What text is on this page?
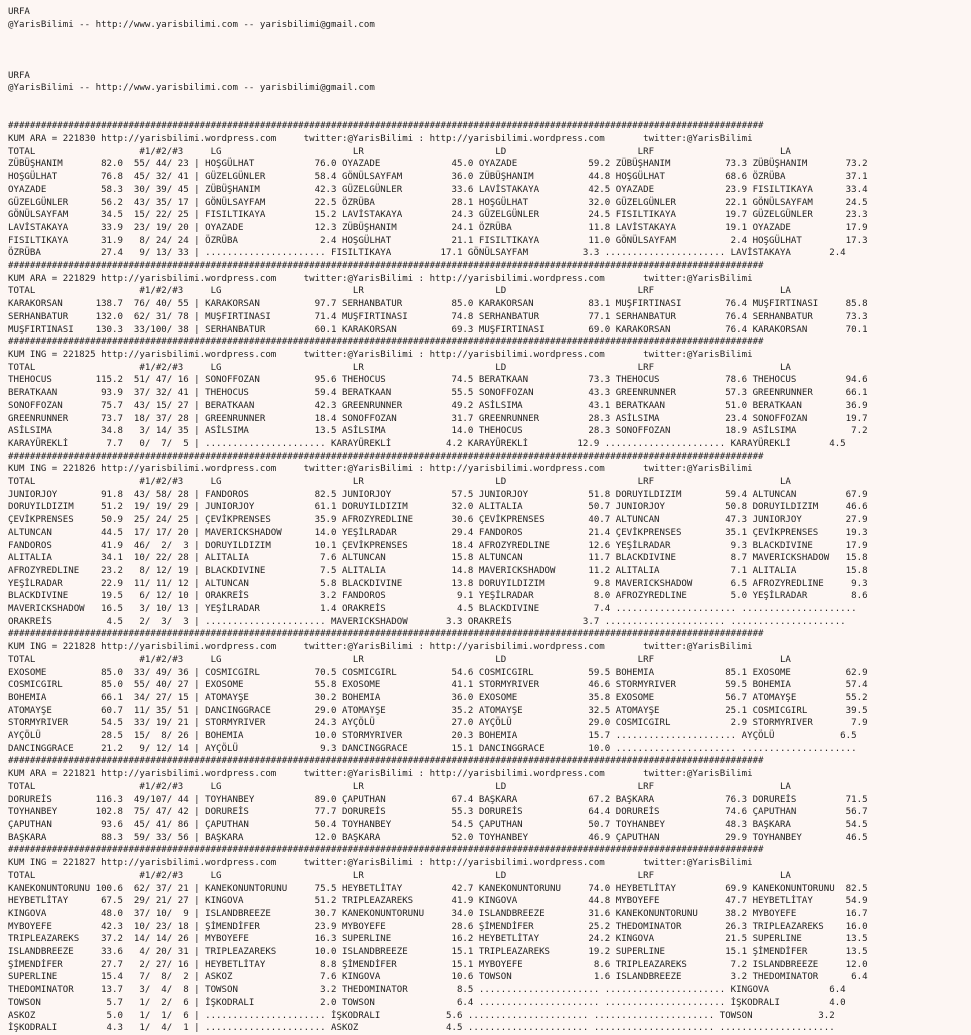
URFA
@YarisBilimi -- http://www.yarisbilimi.com -- yarisbilimi@gmail.com

URFA
@YarisBilimi -- http://www.yarisbilimi.com -- yarisbilimi@gmail.com

##########################################################################################################################################
KUM ARA = 221830 http://yarisbilimi.wordpress.com     twitter:@YarisBilimi : http://yarisbilimi.wordpress.com       twitter:@YarisBilimi
TOTAL                   #1/#2/#3     LG                        LR                        LD                        LRF                       LA
ZÜBÜŞHANIM       82.0  55/ 44/ 23 | HOŞGÜLHAT           76.0 OYAZADE             45.0 OYAZADE             59.2 ZÜBÜŞHANIM          73.3 ZÜBÜŞHANIM       73.2
HOŞGÜLHAT        76.8  45/ 32/ 41 | GÜZELGÜNLER         58.4 GÖNÜLSAYFAM         36.0 ZÜBÜŞHANIM          44.8 HOŞGÜLHAT           68.6 ÖZRÜBA           37.1
OYAZADE          58.3  30/ 39/ 45 | ZÜBÜŞHANIM          42.3 GÜZELGÜNLER         33.6 LAVİSTAKAYA         42.5 OYAZADE             23.9 FISILTIKAYA      33.4
GÜZELGÜNLER      56.2  43/ 35/ 17 | GÖNÜLSAYFAM         22.5 ÖZRÜBA              28.1 HOŞGÜLHAT           32.0 GÜZELGÜNLER         22.1 GÖNÜLSAYFAM      24.5
GÖNÜLSAYFAM      34.5  15/ 22/ 25 | FISILTIKAYA         15.2 LAVİSTAKAYA         24.3 GÜZELGÜNLER         24.5 FISILTIKAYA         19.7 GÜZELGÜNLER      23.3
LAVİSTAKAYA      33.9  23/ 19/ 20 | OYAZADE             12.3 ZÜBÜŞHANIM          24.1 ÖZRÜBA              11.8 LAVİSTAKAYA         19.1 OYAZADE          17.9
FISILTIKAYA      31.9   8/ 24/ 24 | ÖZRÜBA               2.4 HOŞGÜLHAT           21.1 FISILTIKAYA         11.0 GÖNÜLSAYFAM          2.4 HOŞGÜLHAT        17.3
ÖZRÜBA           27.4   9/ 13/ 33 | ...................... FISILTIKAYA         17.1 GÖNÜLSAYFAM          3.3 ...................... LAVİSTAKAYA       2.4
##########################################################################################################################################
KUM ARA = 221829 http://yarisbilimi.wordpress.com     twitter:@YarisBilimi : http://yarisbilimi.wordpress.com       twitter:@YarisBilimi
TOTAL                   #1/#2/#3     LG                        LR                        LD                        LRF                       LA
KARAKORSAN      138.7  76/ 40/ 55 | KARAKORSAN          97.7 SERHANBATUR         85.0 KARAKORSAN          83.1 MUŞFIRTINASI        76.4 MUŞFIRTINASI     85.8
SERHANBATUR     132.0  62/ 31/ 78 | MUŞFIRTINASI        71.4 MUŞFIRTINASI        74.8 SERHANBATUR         77.1 SERHANBATUR         76.4 SERHANBATUR      73.3
MUŞFIRTINASI    130.3  33/100/ 38 | SERHANBATUR         60.1 KARAKORSAN          69.3 MUŞFIRTINASI        69.0 KARAKORSAN          76.4 KARAKORSAN       70.1
##########################################################################################################################################
KUM ING = 221825 http://yarisbilimi.wordpress.com     twitter:@YarisBilimi : http://yarisbilimi.wordpress.com       twitter:@YarisBilimi
TOTAL                   #1/#2/#3     LG                        LR                        LD                        LRF                       LA
THEHOCUS        115.2  51/ 47/ 16 | SONOFFOZAN          95.6 THEHOCUS            74.5 BERATKAAN           73.3 THEHOCUS            78.6 THEHOCUS         94.6
BERATKAAN        93.9  37/ 32/ 41 | THEHOCUS            59.4 BERATKAAN           55.5 SONOFFOZAN          43.3 GREENRUNNER         57.3 GREENRUNNER      66.1
SONOFFOZAN       75.7  43/ 15/ 27 | BERATKAAN           42.3 GREENRUNNER         49.2 ASİLSIMA            43.1 BERATKAAN           51.0 BERATKAAN        36.9
GREENRUNNER      73.7  18/ 37/ 28 | GREENRUNNER         18.4 SONOFFOZAN          31.7 GREENRUNNER         28.3 ASİLSIMA            23.4 SONOFFOZAN       19.7
ASİLSIMA         34.8   3/ 14/ 35 | ASİLSIMA            13.5 ASİLSIMA            14.0 THEHOCUS            28.3 SONOFFOZAN          18.9 ASİLSIMA          7.2
KARAYÜREKLİ       7.7   0/  7/  5 | ...................... KARAYÜREKLİ          4.2 KARAYÜREKLİ         12.9 ...................... KARAYÜREKLİ       4.5
##########################################################################################################################################
KUM ING = 221826 http://yarisbilimi.wordpress.com     twitter:@YarisBilimi : http://yarisbilimi.wordpress.com       twitter:@YarisBilimi
TOTAL                   #1/#2/#3     LG                        LR                        LD                        LRF                       LA
JUNIORJOY        91.8  43/ 58/ 28 | FANDOROS            82.5 JUNIORJOY           57.5 JUNIORJOY           51.8 DORUYILDIZIM        59.4 ALTUNCAN         67.9
DORUYILDIZIM     51.2  19/ 19/ 29 | JUNIORJOY           61.1 DORUYILDIZIM        32.0 ALITALIA            50.7 JUNIORJOY           50.8 DORUYILDIZIM     46.6
ÇEVİKPRENSES     50.9  25/ 24/ 25 | ÇEVİKPRENSES        35.9 AFROZYREDLINE       30.6 ÇEVİKPRENSES        40.7 ALTUNCAN            47.3 JUNIORJOY        27.9
ALTUNCAN         44.5  17/ 17/ 20 | MAVERICKSHADOW      14.0 YEŞİLRADAR          29.4 FANDOROS            21.4 ÇEVİKPRENSES        35.1 ÇEVİKPRENSES     19.3
FANDOROS         41.9  46/  2/  3 | DORUYILDIZIM        10.1 ÇEVİKPRENSES        18.4 AFROZYREDLINE       12.6 YEŞİLRADAR           9.3 BLACKDIVINE      17.9
ALITALIA         34.1  10/ 22/ 28 | ALITALIA             7.6 ALTUNCAN            15.8 ALTUNCAN            11.7 BLACKDIVINE          8.7 MAVERICKSHADOW   15.8
AFROZYREDLINE    23.2   8/ 12/ 19 | BLACKDIVINE          7.5 ALITALIA            14.8 MAVERICKSHADOW      11.2 ALITALIA             7.1 ALITALIA         15.8
YEŞİLRADAR       22.9  11/ 11/ 12 | ALTUNCAN             5.8 BLACKDIVINE         13.8 DORUYILDIZIM         9.8 MAVERICKSHADOW       6.5 AFROZYREDLINE     9.3
BLACKDIVINE      19.5   6/ 12/ 10 | ORAKREİS             3.2 FANDOROS             9.1 YEŞİLRADAR           8.0 AFROZYREDLINE        5.0 YEŞİLRADAR        8.6
MAVERICKSHADOW   16.5   3/ 10/ 13 | YEŞİLRADAR           1.4 ORAKREİS             4.5 BLACKDIVINE          7.4 ...................... .....................
ORAKREİS          4.5   2/  3/  3 | ...................... MAVERICKSHADOW       3.3 ORAKREİS             3.7 ...................... .....................
##########################################################################################################################################
KUM ING = 221828 http://yarisbilimi.wordpress.com     twitter:@YarisBilimi : http://yarisbilimi.wordpress.com       twitter:@YarisBilimi
TOTAL                   #1/#2/#3     LG                        LR                        LD                        LRF                       LA
EXOSOME          85.0  33/ 49/ 36 | COSMICGIRL          70.5 COSMICGIRL          54.6 COSMICGIRL          59.5 BOHEMIA             85.1 EXOSOME          62.9
COSMICGIRL       85.0  55/ 40/ 27 | EXOSOME             55.8 EXOSOME             41.1 STORMYRIVER         46.6 STORMYRIVER         59.5 BOHEMIA          57.4
BOHEMIA          66.1  34/ 27/ 15 | ATOMAYŞE            30.2 BOHEMIA             36.0 EXOSOME             35.8 EXOSOME             56.7 ATOMAYŞE         55.2
ATOMAYŞE         60.7  11/ 35/ 51 | DANCINGGRACE        29.0 ATOMAYŞE            35.2 ATOMAYŞE            32.5 ATOMAYŞE            25.1 COSMICGIRL       39.5
STORMYRIVER      54.5  33/ 19/ 21 | STORMYRIVER         24.3 AYÇÖLÜ              27.0 AYÇÖLÜ              29.0 COSMICGIRL           2.9 STORMYRIVER       7.9
AYÇÖLÜ           28.5  15/  8/ 26 | BOHEMIA             10.0 STORMYRIVER         20.3 BOHEMIA             15.7 ...................... AYÇÖLÜ            6.5
DANCINGGRACE     21.2   9/ 12/ 14 | AYÇÖLÜ               9.3 DANCINGGRACE        15.1 DANCINGGRACE        10.0 ...................... .....................
##########################################################################################################################################
KUM ARA = 221821 http://yarisbilimi.wordpress.com     twitter:@YarisBilimi : http://yarisbilimi.wordpress.com       twitter:@YarisBilimi
TOTAL                   #1/#2/#3     LG                        LR                        LD                        LRF                       LA
DORUREİS        116.3  49/107/ 44 | TOYHANBEY           89.0 ÇAPUTHAN            67.4 BAŞKARA             67.2 BAŞKARA             76.3 DORUREİS         71.5
TOYHANBEY       102.8  75/ 47/ 42 | DORUREİS            77.7 DORUREİS            55.3 DORUREİS            64.4 DORUREİS            74.6 ÇAPUTHAN         56.7
ÇAPUTHAN         93.6  45/ 41/ 86 | ÇAPUTHAN            50.4 TOYHANBEY           54.5 ÇAPUTHAN            50.7 TOYHANBEY           48.3 BAŞKARA          54.5
BAŞKARA          88.3  59/ 33/ 56 | BAŞKARA             12.0 BAŞKARA             52.0 TOYHANBEY           46.9 ÇAPUTHAN            29.9 TOYHANBEY        46.5
##########################################################################################################################################
KUM ING = 221827 http://yarisbilimi.wordpress.com     twitter:@YarisBilimi : http://yarisbilimi.wordpress.com       twitter:@YarisBilimi
TOTAL                   #1/#2/#3     LG                        LR                        LD                        LRF                       LA
KANEKONUNTORUNU 100.6  62/ 37/ 21 | KANEKONUNTORUNU     75.5 HEYBETLİTAY         42.7 KANEKONUNTORUNU     74.0 HEYBETLİTAY         69.9 KANEKONUNTORUNU  82.5
HEYBETLİTAY      67.5  29/ 21/ 27 | KINGOVA             51.2 TRIPLEAZAREKS       41.9 KINGOVA             44.8 MYBOYEFE            47.7 HEYBETLİTAY      54.9
KINGOVA          48.0  37/ 10/  9 | ISLANDBREEZE        30.7 KANEKONUNTORUNU     34.0 ISLANDBREEZE        31.6 KANEKONUNTORUNU     38.2 MYBOYEFE         16.7
MYBOYEFE         42.3  10/ 23/ 18 | ŞİMENDİFER          23.9 MYBOYEFE            28.6 ŞİMENDİFER          25.2 THEDOMINATOR        26.3 TRIPLEAZAREKS    16.0
TRIPLEAZAREKS    37.2  14/ 14/ 26 | MYBOYEFE            16.3 SUPERLINE           16.2 HEYBETLİTAY         24.2 KINGOVA             21.5 SUPERLINE        13.5
ISLANDBREEZE     33.6   4/ 20/ 31 | TRIPLEAZAREKS       10.0 ISLANDBREEZE        15.1 TRIPLEAZAREKS       19.2 SUPERLINE           15.1 ŞİMENDİFER       13.5
ŞİMENDİFER       27.7   2/ 27/ 16 | HEYBETLİTAY          8.8 ŞİMENDİFER          15.1 MYBOYEFE             8.6 TRIPLEAZAREKS        7.2 ISLANDBREEZE     12.0
SUPERLINE        15.4   7/  8/  2 | ASKOZ                7.6 KINGOVA             10.6 TOWSON               1.6 ISLANDBREEZE         3.2 THEDOMINATOR      6.4
THEDOMINATOR     13.7   3/  4/  8 | TOWSON               3.2 THEDOMINATOR         8.5 ...................... ...................... KINGOVA           6.4
TOWSON            5.7   1/  2/  6 | İŞKODRALI            2.0 TOWSON               6.4 ...................... ...................... İŞKODRALI         4.0
ASKOZ             5.0   1/  1/  6 | ...................... İŞKODRALI            5.6 ...................... ...................... TOWSON            3.2
İŞKODRALI         4.3   1/  4/  1 | ...................... ASKOZ                4.5 ...................... ...................... .....................
